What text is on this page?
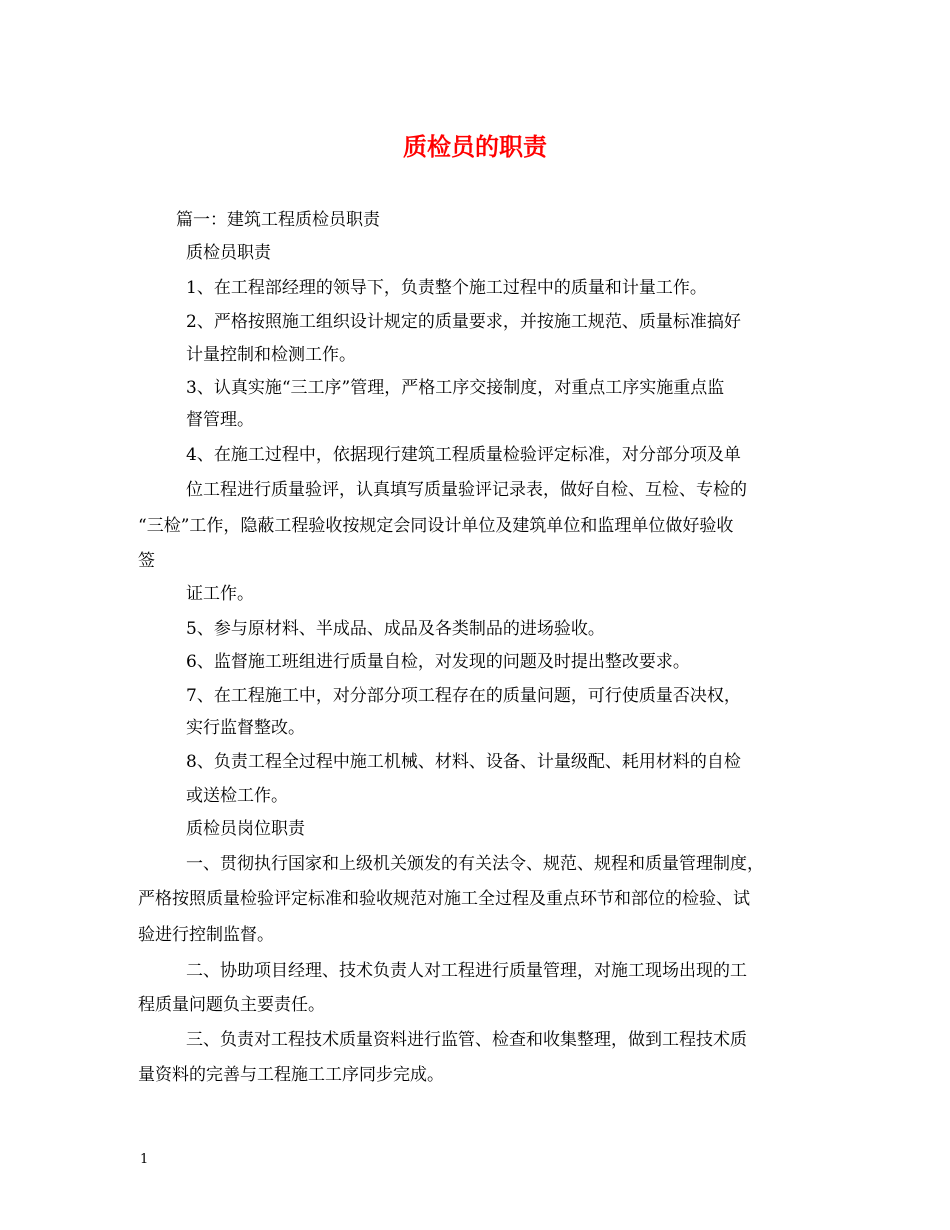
质检员的职责

篇一：建筑工程质检员职责

质检员职责

1、在工程部经理的领导下，负责整个施工过程中的质量和计量工作。

2、严格按照施工组织设计规定的质量要求，并按施工规范、质量标准搞好

计量控制和检测工作。

3、认真实施“三工序”管理，严格工序交接制度，对重点工序实施重点监

督管理。

4、在施工过程中，依据现行建筑工程质量检验评定标准，对分部分项及单

位工程进行质量验评，认真填写质量验评记录表，做好自检、互检、专检的

“三检”工作，隐蔽工程验收按规定会同设计单位及建筑单位和监理单位做好验收

签

证工作。

5、参与原材料、半成品、成品及各类制品的进场验收。

6、监督施工班组进行质量自检，对发现的问题及时提出整改要求。

7、在工程施工中，对分部分项工程存在的质量问题，可行使质量否决权，

实行监督整改。

8、负责工程全过程中施工机械、材料、设备、计量级配、耗用材料的自检

或送检工作。

质检员岗位职责

一、贯彻执行国家和上级机关颁发的有关法令、规范、规程和质量管理制度，

严格按照质量检验评定标准和验收规范对施工全过程及重点环节和部位的检验、试

验进行控制监督。

二、协助项目经理、技术负责人对工程进行质量管理，对施工现场出现的工

程质量问题负主要责任。

三、负责对工程技术质量资料进行监管、检查和收集整理，做到工程技术质

量资料的完善与工程施工工序同步完成。

1
